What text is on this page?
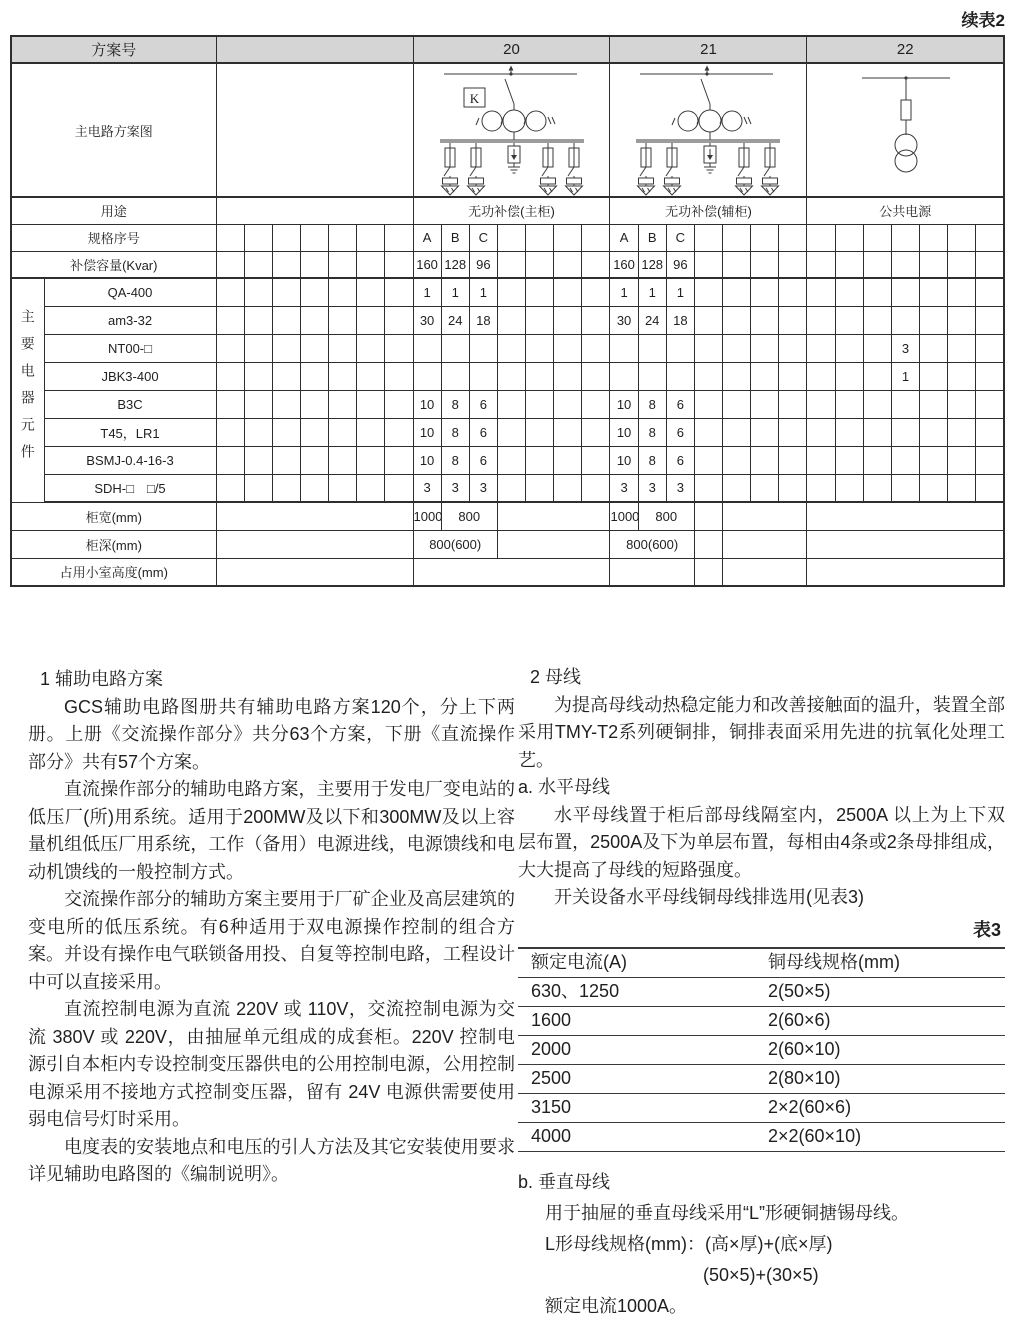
续表2
方案号									20							21							22						
主电路方案图									K

用途									无功补偿(主柜)							无功补偿(辅柜)							公共电源						
规格序号									A	B	C					A	B	C											
补偿容量(Kvar)									160	128	96					160	128	96											

主要电器元件	QA-400								1	1	1					1	1	1											
	am3-32								30	24	18					30	24	18											
	NT00-□																									3			
	JBK3-400																									1			
	B3C								10	8	6					10	8	6											
	T45，LR1								10	8	6					10	8	6											
	BSMJ-0.4-16-3								10	8	6					10	8	6											
	SDH-□　□/5								3	3	3					3	3	3											
柜宽(mm)									1000	800						1000	800												
柜深(mm)									800(600)							800(600)													
占用小室高度(mm)																													
1 辅助电路方案

GCS辅助电路图册共有辅助电路方案120个，分上下两册。上册《交流操作部分》共分63个方案，下册《直流操作部分》共有57个方案。

直流操作部分的辅助电路方案，主要用于发电厂变电站的低压厂(所)用系统。适用于200MW及以下和300MW及以上容量机组低压厂用系统，工作（备用）电源进线，电源馈线和电动机馈线的一般控制方式。

交流操作部分的辅助方案主要用于厂矿企业及高层建筑的变电所的低压系统。有6种适用于双电源操作控制的组合方案。并设有操作电气联锁备用投、自复等控制电路，工程设计中可以直接采用。

直流控制电源为直流 220V 或 110V，交流控制电源为交流 380V 或 220V，由抽屉单元组成的成套柜。220V 控制电源引自本柜内专设控制变压器供电的公用控制电源，公用控制电源采用不接地方式控制变压器，留有 24V 电源供需要使用弱电信号灯时采用。

电度表的安装地点和电压的引人方法及其它安装使用要求详见辅助电路图的《编制说明》。

2 母线

为提高母线动热稳定能力和改善接触面的温升，装置全部采用TMY-T2系列硬铜排，铜排表面采用先进的抗氧化处理工艺。

a. 水平母线

水平母线置于柜后部母线隔室内，2500A 以上为上下双层布置，2500A及下为单层布置，每相由4条或2条母排组成，大大提高了母线的短路强度。

开关设备水平母线铜母线排选用(见表3)

表3
额定电流(A)	铜母线规格(mm)
630、1250	2(50×5)
1600	2(60×6)
2000	2(60×10)
2500	2(80×10)
3150	2×2(60×6)
4000	2×2(60×10)
b. 垂直母线
用于抽屉的垂直母线采用“L”形硬铜搪锡母线。
L形母线规格(mm)：(高×厚)+(底×厚)
(50×5)+(30×5)
额定电流1000A。
